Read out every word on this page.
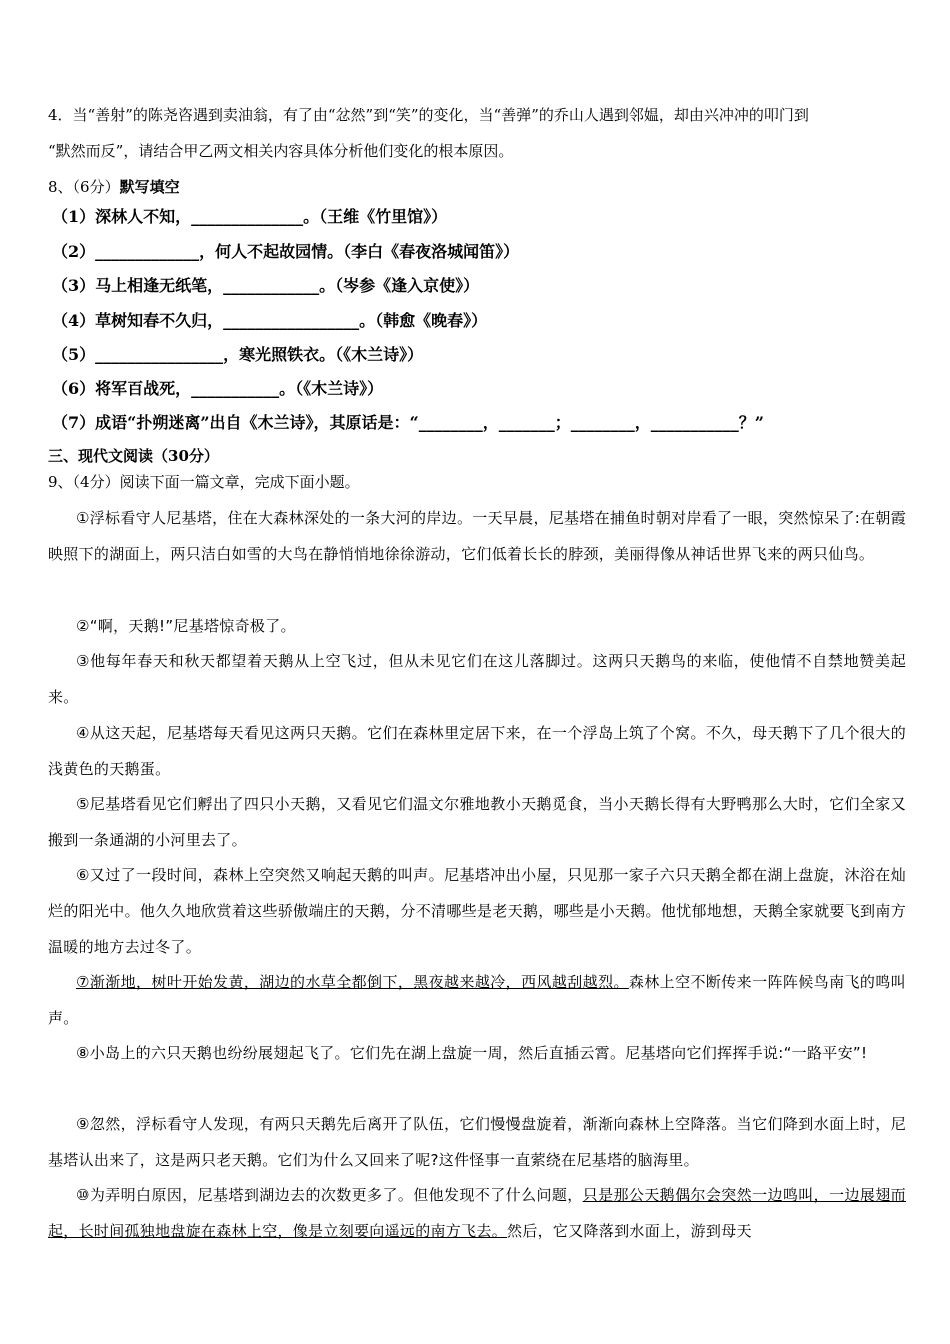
4．当“善射”的陈尧咨遇到卖油翁，有了由“忿然”到“笑”的变化，当“善弹”的乔山人遇到邻媪，却由兴冲冲的叩门到
“默然而反”，请结合甲乙两文相关内容具体分析他们变化的根本原因。
8、（6分）默写填空
（1）深林人不知，______________。（王维《竹里馆》）
（2）_____________，何人不起故园情。（李白《春夜洛城闻笛》）
（3）马上相逢无纸笔，____________。（岑参《逢入京使》）
（4）草树知春不久归，_________________。（韩愈《晚春》）
（5）________________，寒光照铁衣。（《木兰诗》）
（6）将军百战死，___________。（《木兰诗》）
（7）成语“扑朔迷离”出自《木兰诗》，其原话是：“________，_______；________，___________？”
三、现代文阅读（30分）
9、（4分）阅读下面一篇文章，完成下面小题。
①浮标看守人尼基塔，住在大森林深处的一条大河的岸边。一天早晨，尼基塔在捕鱼时朝对岸看了一眼，突然惊呆了:在朝霞映照下的湖面上，两只洁白如雪的大鸟在静悄悄地徐徐游动，它们低着长长的脖颈，美丽得像从神话世界飞来的两只仙鸟。
②“啊，天鹅!”尼基塔惊奇极了。
③他每年春天和秋天都望着天鹅从上空飞过，但从未见它们在这儿落脚过。这两只天鹅鸟的来临，使他情不自禁地赞美起来。
④从这天起，尼基塔每天看见这两只天鹅。它们在森林里定居下来，在一个浮岛上筑了个窝。不久，母天鹅下了几个很大的浅黄色的天鹅蛋。
⑤尼基塔看见它们孵出了四只小天鹅，又看见它们温文尔雅地教小天鹅觅食，当小天鹅长得有大野鸭那么大时，它们全家又搬到一条通湖的小河里去了。
⑥又过了一段时间，森林上空突然又响起天鹅的叫声。尼基塔冲出小屋，只见那一家子六只天鹅全都在湖上盘旋，沐浴在灿烂的阳光中。他久久地欣赏着这些骄傲端庄的天鹅，分不清哪些是老天鹅，哪些是小天鹅。他忧郁地想，天鹅全家就要飞到南方温暖的地方去过冬了。
⑦渐渐地，树叶开始发黄，湖边的水草全都倒下，黑夜越来越冷，西风越刮越烈。森林上空不断传来一阵阵候鸟南飞的鸣叫声。
⑧小岛上的六只天鹅也纷纷展翅起飞了。它们先在湖上盘旋一周，然后直插云霄。尼基塔向它们挥挥手说:“一路平安”!
⑨忽然，浮标看守人发现，有两只天鹅先后离开了队伍，它们慢慢盘旋着，渐渐向森林上空降落。当它们降到水面上时，尼基塔认出来了，这是两只老天鹅。它们为什么又回来了呢?这件怪事一直萦绕在尼基塔的脑海里。
⑩为弄明白原因，尼基塔到湖边去的次数更多了。但他发现不了什么问题，只是那公天鹅偶尔会突然一边鸣叫，一边展翅而起，长时间孤独地盘旋在森林上空，像是立刻要向遥远的南方飞去。然后，它又降落到水面上，游到母天
